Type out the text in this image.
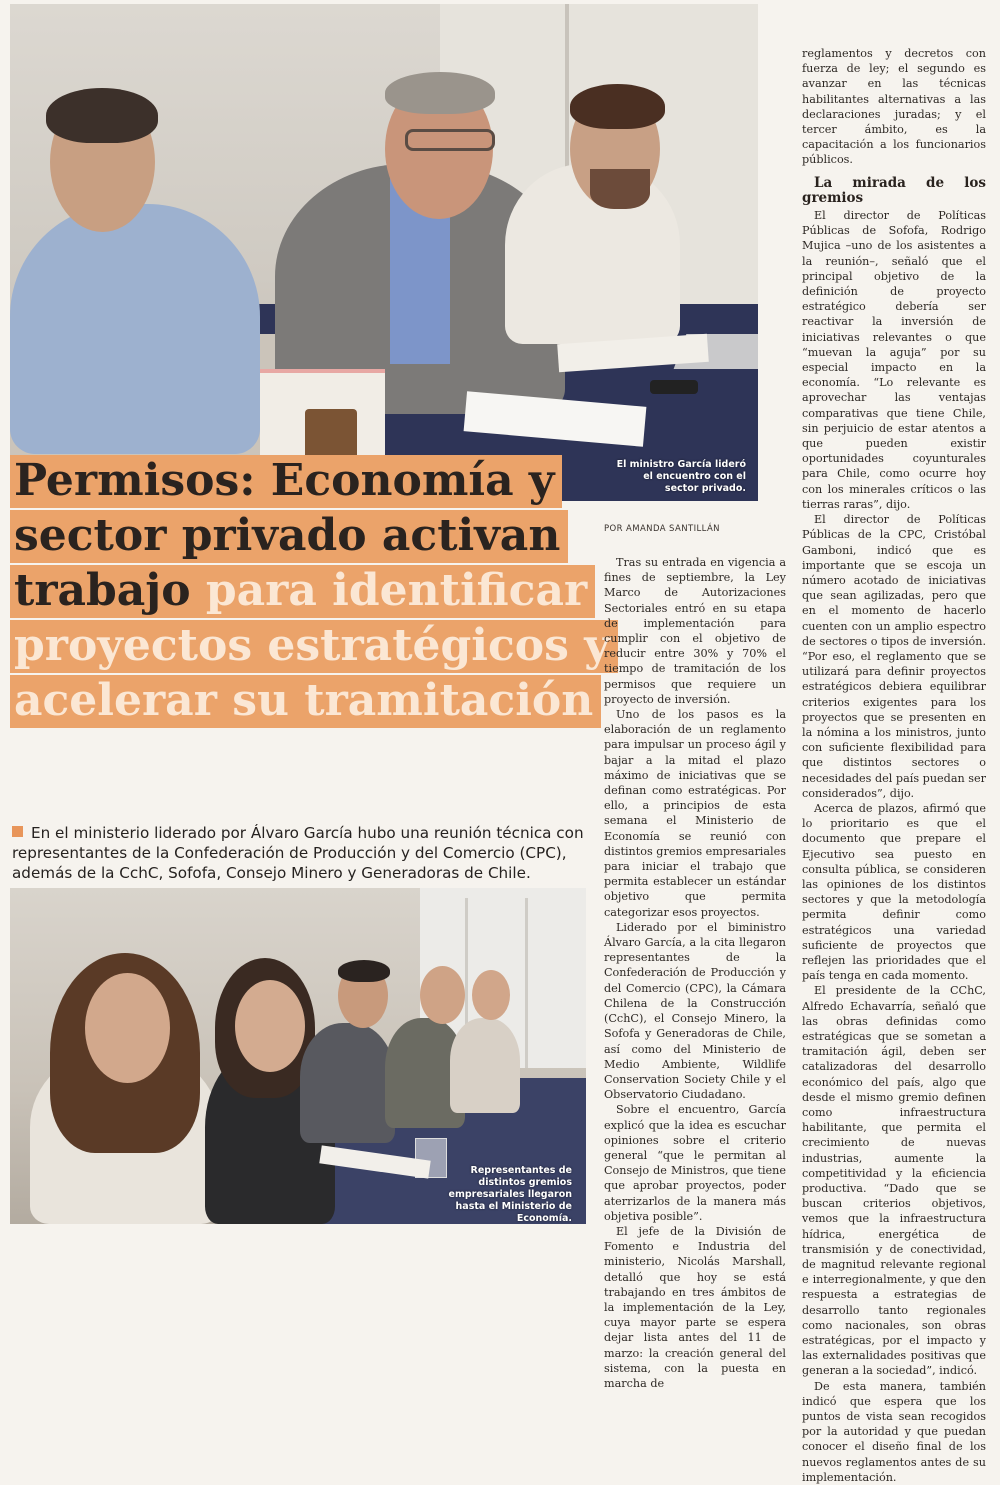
El ministro García lideró
el encuentro con el
sector privado.
Permisos: Economía y
sector privado activan
trabajo para identificar
proyectos estratégicos y
acelerar su tramitación
En el ministerio liderado por Álvaro García hubo una reunión técnica con representantes de la Confederación de Producción y del Comercio (CPC), además de la CchC, Sofofa, Consejo Minero y Generadoras de Chile.
Representantes de
distintos gremios
empresariales llegaron
hasta el Ministerio de
Economía.
POR AMANDA SANTILLÁN

Tras su entrada en vigencia a fines de septiembre, la Ley Marco de Autorizaciones Sectoriales entró en su etapa de implementación para cumplir con el objetivo de reducir entre 30% y 70% el tiempo de tramitación de los permisos que requiere un proyecto de inversión.

Uno de los pasos es la elaboración de un reglamento para impulsar un proceso ágil y bajar a la mitad el plazo máximo de iniciativas que se definan como estratégicas. Por ello, a principios de esta semana el Ministerio de Economía se reunió con distintos gremios empresariales para iniciar el trabajo que permita establecer un estándar objetivo que permita categorizar esos proyectos.

Liderado por el biministro Álvaro García, a la cita llegaron representantes de la Confederación de Producción y del Comercio (CPC), la Cámara Chilena de la Construcción (CchC), el Consejo Minero, la Sofofa y Generadoras de Chile, así como del Ministerio de Medio Ambiente, Wildlife Conservation Society Chile y el Observatorio Ciudadano.

Sobre el encuentro, García explicó que la idea es escuchar opiniones sobre el criterio general “que le permitan al Consejo de Ministros, que tiene que aprobar proyectos, poder aterrizarlos de la manera más objetiva posible”.

El jefe de la División de Fomento e Industria del ministerio, Nicolás Marshall, detalló que hoy se está trabajando en tres ámbitos de la implementación de la Ley, cuya mayor parte se espera dejar lista antes del 11 de marzo: la creación general del sistema, con la puesta en marcha de

reglamentos y decretos con fuerza de ley; el segundo es avanzar en las técnicas habilitantes alternativas a las declaraciones juradas; y el tercer ámbito, es la capacitación a los funcionarios públicos.

La mirada de los gremios

El director de Políticas Públicas de Sofofa, Rodrigo Mujica –uno de los asistentes a la reunión–, señaló que el principal objetivo de la definición de proyecto estratégico debería ser reactivar la inversión de iniciativas relevantes o que “muevan la aguja” por su especial impacto en la economía. “Lo relevante es aprovechar las ventajas comparativas que tiene Chile, sin perjuicio de estar atentos a que pueden existir oportunidades coyunturales para Chile, como ocurre hoy con los minerales críticos o las tierras raras”, dijo.

El director de Políticas Públicas de la CPC, Cristóbal Gamboni, indicó que es importante que se escoja un número acotado de iniciativas que sean agilizadas, pero que en el momento de hacerlo cuenten con un amplio espectro de sectores o tipos de inversión. “Por eso, el reglamento que se utilizará para definir proyectos estratégicos debiera equilibrar criterios exigentes para los proyectos que se presenten en la nómina a los ministros, junto con suficiente flexibilidad para que distintos sectores o necesidades del país puedan ser considerados”, dijo.

Acerca de plazos, afirmó que lo prioritario es que el documento que prepare el Ejecutivo sea puesto en consulta pública, se consideren las opiniones de los distintos sectores y que la metodología permita definir como estratégicos una variedad suficiente de proyectos que reflejen las prioridades que el país tenga en cada momento.

El presidente de la CChC, Alfredo Echavarría, señaló que las obras definidas como estratégicas que se sometan a tramitación ágil, deben ser catalizadoras del desarrollo económico del país, algo que desde el mismo gremio definen como infraestructura habilitante, que permita el crecimiento de nuevas industrias, aumente la competitividad y la eficiencia productiva. “Dado que se buscan criterios objetivos, vemos que la infraestructura hídrica, energética de transmisión y de conectividad, de magnitud relevante regional e interregionalmente, y que den respuesta a estrategias de desarrollo tanto regionales como nacionales, son obras estratégicas, por el impacto y las externalidades positivas que generan a la sociedad”, indicó.

De esta manera, también indicó que espera que los puntos de vista sean recogidos por la autoridad y que puedan conocer el diseño final de los nuevos reglamentos antes de su implementación.
